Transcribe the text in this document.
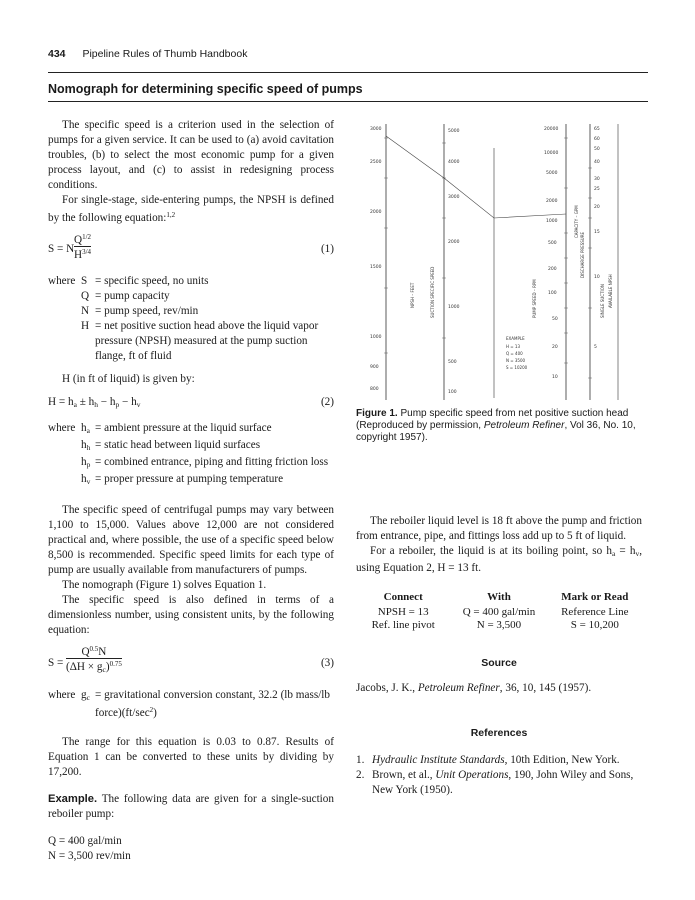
434 Pipeline Rules of Thumb Handbook
Nomograph for determining specific speed of pumps

The specific speed is a criterion used in the selection of pumps for a given service. It can be used to (a) avoid cavitation troubles, (b) to select the most economic pump for a given process layout, and (c) to assist in redesigning process conditions.

For single-stage, side-entering pumps, the NPSH is defined by the following equation:$^{1,2}$

S = N $\frac{Q^{1/2}}{H^{3/4}}$	(1)
where S = specific speed, no units
Q = pump capacity
N = pump speed, rev/min
H = net positive suction head above the liquid vapor pressure (NPSH) measured at the pump suction flange, ft of fluid

H (in ft of liquid) is given by:

$H = h_a \pm h_h - h_p - h_v$	(2)
where $h_a$ = ambient pressure at the liquid surface
$h_h$ = static head between liquid surfaces
$h_p$ = combined entrance, piping and fitting friction loss
$h_v$ = proper pressure at pumping temperature

The specific speed of centrifugal pumps may vary between 1,100 to 15,000. Values above 12,000 are not considered practical and, where possible, the use of a specific speed below 8,500 is recommended. Specific speed limits for each type of pump are usually available from manufacturers of pumps.

The nomograph (Figure 1) solves Equation 1.

The specific speed is also defined in terms of a dimensionless number, using consistent units, by the following equation:

$S = \frac{Q^{0.5}N}{(\Delta H \times g_c)^{0.75}}$	(3)
where $g_c$ = gravitational conversion constant, 32.2 (lb mass/lb $force)(ft/\sec^2)$

The range for this equation is 0.03 to 0.87. Results of Equation 1 can be converted to these units by dividing by 17,200.

Example. The following data are given for a single-suction reboiler pump:

Q = 400 gal/min
N = 3,500 rev/min
3000
2500
2000
1500
1000
900
800
NPSH – FEET
5000
4000
3000
2000
1000
500
100
SUCTION SPECIFIC SPEED
20000
10000
5000
2000
1000
500
200
100
50
20
10
PUMP SPEED – RPM
CAPACITY – GPM
65
60
50
40
30
25
20
15
10
5
DISCHARGE PRESSURE
SINGLE SUCTION AVAILABLE NPSH
EXAMPLE
H = 13
Q = 400
N = 3500
S = 10200
Figure 1. Pump specific speed from net positive suction head (Reproduced by permission, Petroleum Refiner, Vol 36, No. 10, copyright 1957).

The reboiler liquid level is 18 ft above the pump and friction from entrance, pipe, and fittings loss add up to 5 ft of liquid.

For a reboiler, the liquid is at its boiling point, so $h_a = h_v$, using Equation 2, H = 13 ft.

Connect	With	Mark or Read
NPSH = 13	Q = 400 gal/min	Reference Line
Ref. line pivot	N = 3,500	S = 10,200
Source

Jacobs, J. K., Petroleum Refiner, 36, 10, 145 (1957).

References
1. Hydraulic Institute Standards, 10th Edition, New York.
2. Brown, et al., Unit Operations, 190, John Wiley and Sons, New York (1950).
